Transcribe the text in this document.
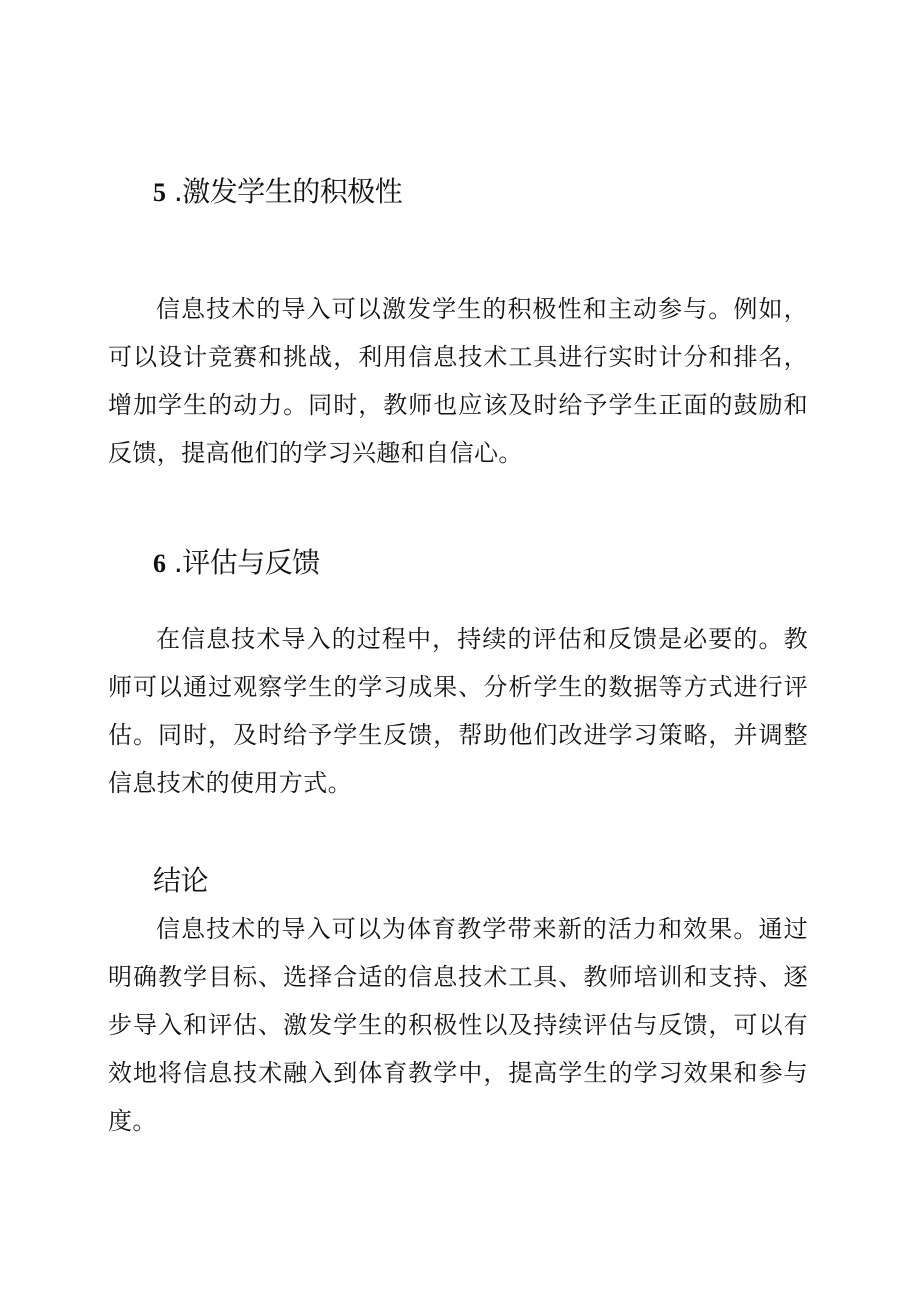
5 .激发学生的积极性

信息技术的导入可以激发学生的积极性和主动参与。例如，可以设计竞赛和挑战，利用信息技术工具进行实时计分和排名，增加学生的动力。同时，教师也应该及时给予学生正面的鼓励和反馈，提高他们的学习兴趣和自信心。

6 .评估与反馈

在信息技术导入的过程中，持续的评估和反馈是必要的。教师可以通过观察学生的学习成果、分析学生的数据等方式进行评估。同时，及时给予学生反馈，帮助他们改进学习策略，并调整信息技术的使用方式。

结论

信息技术的导入可以为体育教学带来新的活力和效果。通过明确教学目标、选择合适的信息技术工具、教师培训和支持、逐步导入和评估、激发学生的积极性以及持续评估与反馈，可以有效地将信息技术融入到体育教学中，提高学生的学习效果和参与度。
